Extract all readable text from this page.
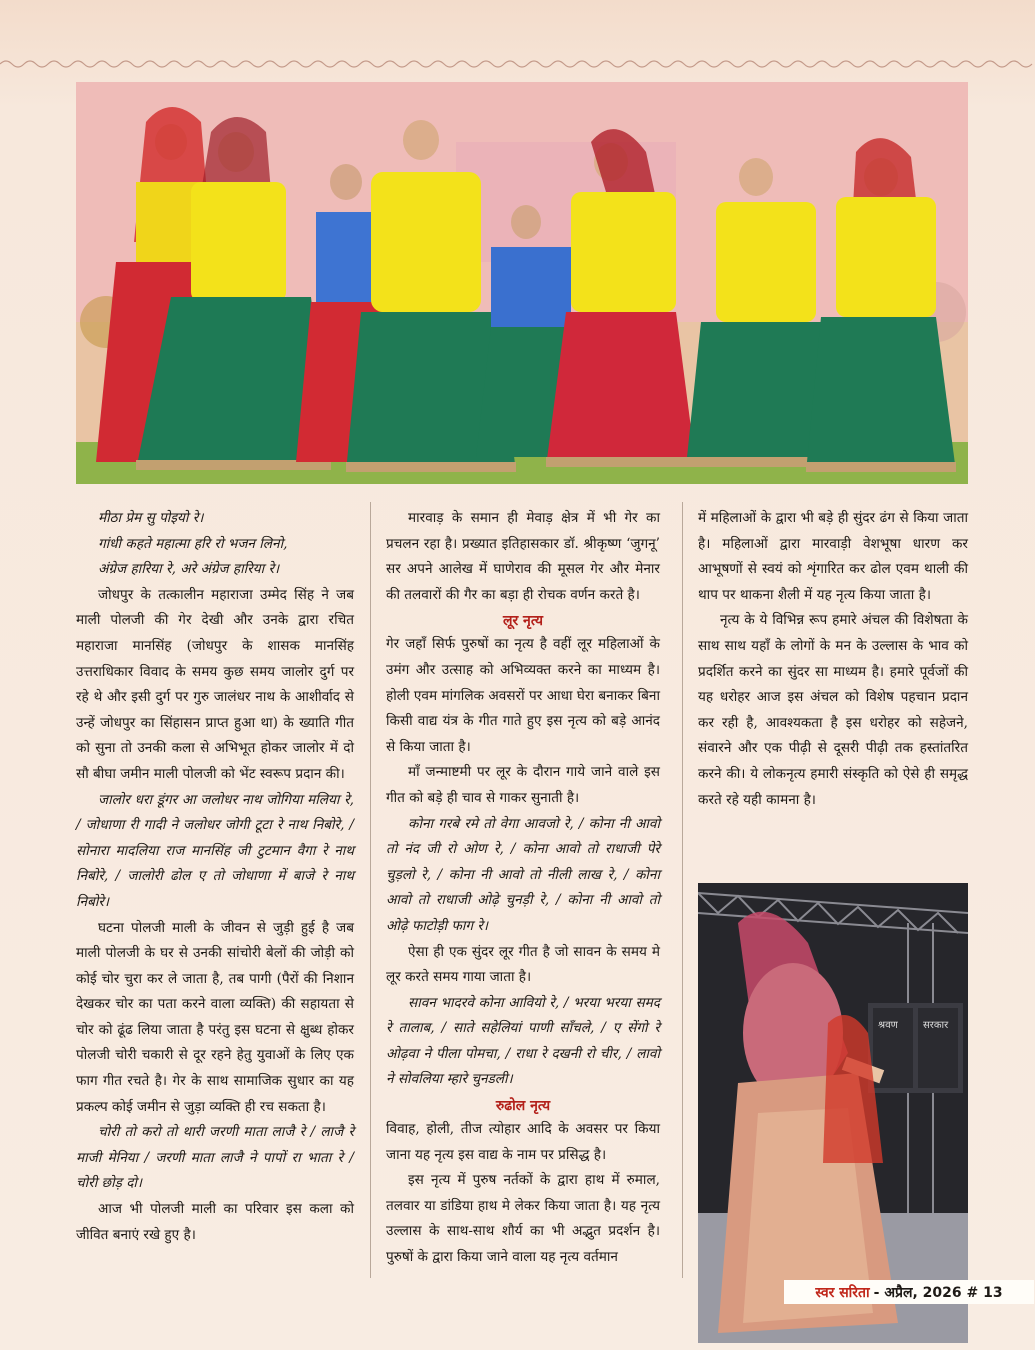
मीठा प्रेम सु पोइयो रे।

गांधी कहते महात्मा हरि रो भजन लिनो,

अंग्रेज हारिया रे, अरे अंग्रेज हारिया रे।

जोधपुर के तत्कालीन महाराजा उम्मेद सिंह ने जब माली पोलजी की गेर देखी और उनके द्वारा रचित महाराजा मानसिंह (जोधपुर के शासक मानसिंह उत्तराधिकार विवाद के समय कुछ समय जालोर दुर्ग पर रहे थे और इसी दुर्ग पर गुरु जालंधर नाथ के आशीर्वाद से उन्हें जोधपुर का सिंहासन प्राप्त हुआ था) के ख्याति गीत को सुना तो उनकी कला से अभिभूत होकर जालोर में दो सौ बीघा जमीन माली पोलजी को भेंट स्वरूप प्रदान की।

जालोर धरा डूंगर आ जलोधर नाथ जोगिया मलिया रे, / जोधाणा री गादी ने जलोधर जोगी टूटा रे नाथ निबोरे, / सोनारा मादलिया राज मानसिंह जी टुटमान वैगा रे नाथ निबोरे, / जालोरी ढोल ए तो जोधाणा में बाजे रे नाथ निबोरे।

घटना पोलजी माली के जीवन से जुड़ी हुई है जब माली पोलजी के घर से उनकी सांचोरी बेलों की जोड़ी को कोई चोर चुरा कर ले जाता है, तब पागी (पैरों की निशान देखकर चोर का पता करने वाला व्यक्ति) की सहायता से चोर को ढूंढ लिया जाता है परंतु इस घटना से क्षुब्ध होकर पोलजी चोरी चकारी से दूर रहने हेतु युवाओं के लिए एक फाग गीत रचते है। गेर के साथ सामाजिक सुधार का यह प्रकल्प कोई जमीन से जुड़ा व्यक्ति ही रच सकता है।

चोरी तो करो तो थारी जरणी माता लाजै रे / लाजै रे माजी मेनिया / जरणी माता लाजै ने पापों रा भाता रे / चोरी छोड़ दो।

आज भी पोलजी माली का परिवार इस कला को जीवित बनाएं रखे हुए है।

मारवाड़ के समान ही मेवाड़ क्षेत्र में भी गेर का प्रचलन रहा है। प्रख्यात इतिहासकार डॉ. श्रीकृष्ण ‘जुगनू’ सर अपने आलेख में घाणेराव की मूसल गेर और मेनार की तलवारों की गैर का बड़ा ही रोचक वर्णन करते है।

लूर नृत्य

गेर जहाँ सिर्फ पुरुषों का नृत्य है वहीं लूर महिलाओं के उमंग और उत्साह को अभिव्यक्त करने का माध्यम है। होली एवम मांगलिक अवसरों पर आधा घेरा बनाकर बिना किसी वाद्य यंत्र के गीत गाते हुए इस नृत्य को बड़े आनंद से किया जाता है।

माँ जन्माष्टमी पर लूर के दौरान गाये जाने वाले इस गीत को बड़े ही चाव से गाकर सुनाती है।

कोना गरबे रमे तो वेगा आवजो रे, / कोना नी आवो तो नंद जी रो ओण रे, / कोना आवो तो राधाजी पेरे चुड़लो रे, / कोना नी आवो तो नीली लाख रे, / कोना आवो तो राधाजी ओढ़े चुनड़ी रे, / कोना नी आवो तो ओढ़े फाटोड़ी फाग रे।

ऐसा ही एक सुंदर लूर गीत है जो सावन के समय मे लूर करते समय गाया जाता है।

सावन भादरवे कोना आवियो रे, / भरया भरया समद रे तालाब, / साते सहेलियां पाणी साँचले, / ए सेंगो रे ओढ़वा ने पीला पोमचा, / राधा रे दखनी रो चीर, / लावो ने सोवलिया म्हारे चुनडली।

रुढोल नृत्य

विवाह, होली, तीज त्योहार आदि के अवसर पर किया जाना यह नृत्य इस वाद्य के नाम पर प्रसिद्ध है।

इस नृत्य में पुरुष नर्तकों के द्वारा हाथ में रुमाल, तलवार या डांडिया हाथ मे लेकर किया जाता है। यह नृत्य उल्लास के साथ-साथ शौर्य का भी अद्भुत प्रदर्शन है। पुरुषों के द्वारा किया जाने वाला यह नृत्य वर्तमान

में महिलाओं के द्वारा भी बड़े ही सुंदर ढंग से किया जाता है। महिलाओं द्वारा मारवाड़ी वेशभूषा धारण कर आभूषणों से स्वयं को शृंगारित कर ढोल एवम थाली की थाप पर थाकना शैली में यह नृत्य किया जाता है।

नृत्य के ये विभिन्न रूप हमारे अंचल की विशेषता के साथ साथ यहाँ के लोगों के मन के उल्लास के भाव को प्रदर्शित करने का सुंदर सा माध्यम है। हमारे पूर्वजों की यह धरोहर आज इस अंचल को विशेष पहचान प्रदान कर रही है, आवश्यकता है इस धरोहर को सहेजने, संवारने और एक पीढ़ी से दूसरी पीढ़ी तक हस्तांतरित करने की। ये लोकनृत्य हमारी संस्कृति को ऐसे ही समृद्ध करते रहे यही कामना है।

श्रवण	सरकार
स्वर सरिता - अप्रैल, 2026 # 13
